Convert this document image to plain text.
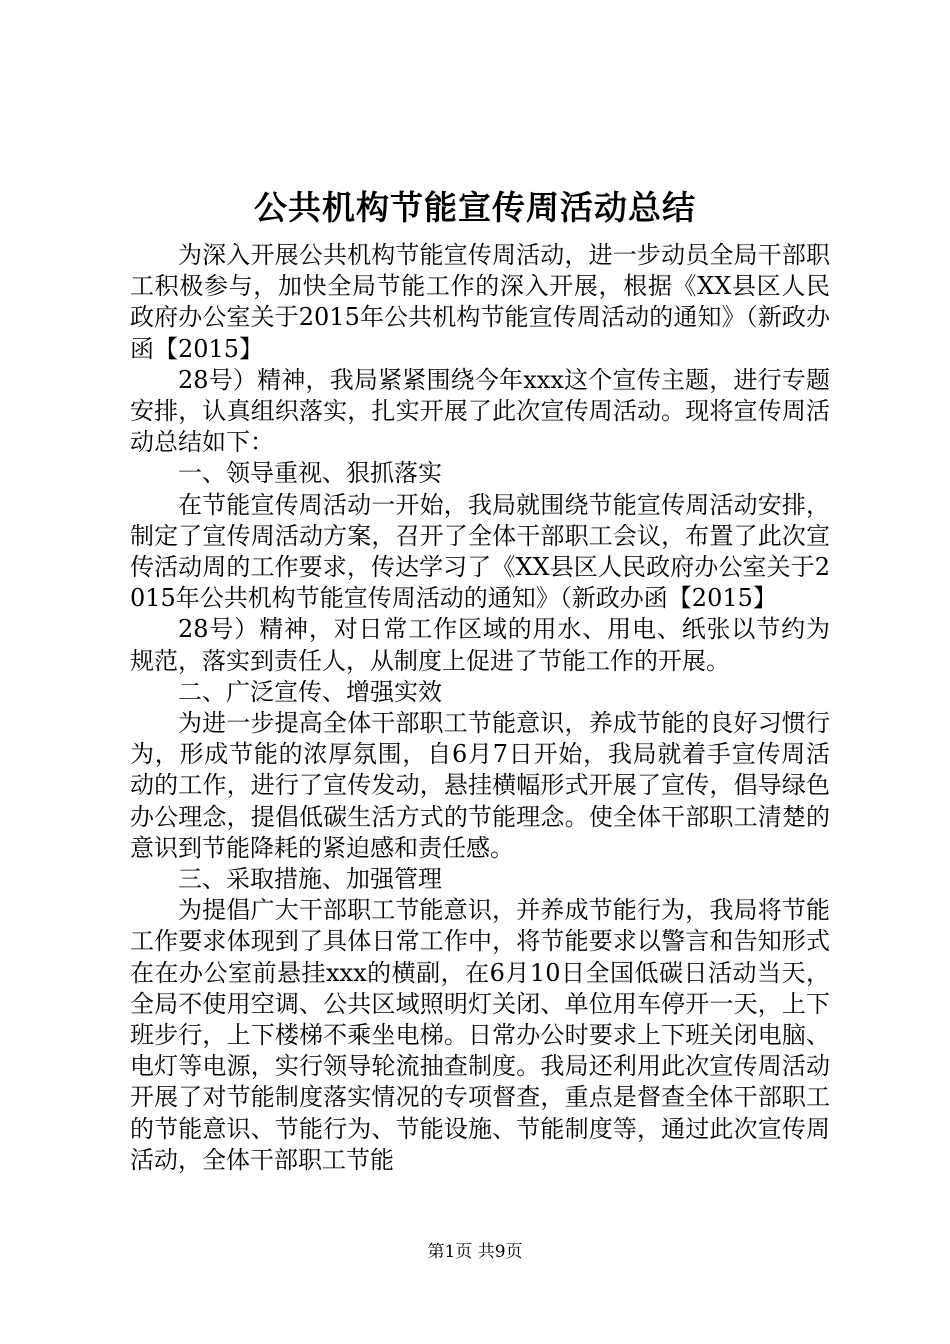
公共机构节能宣传周活动总结

为深入开展公共机构节能宣传周活动，进一步动员全局干部职工积极参与，加快全局节能工作的深入开展，根据《XX县区人民政府办公室关于2015年公共机构节能宣传周活动的通知》（新政办函【2015】

28号）精神，我局紧紧围绕今年xxx这个宣传主题，进行专题安排，认真组织落实，扎实开展了此次宣传周活动。现将宣传周活动总结如下：

一、领导重视、狠抓落实

在节能宣传周活动一开始，我局就围绕节能宣传周活动安排，制定了宣传周活动方案，召开了全体干部职工会议，布置了此次宣传活动周的工作要求，传达学习了《XX县区人民政府办公室关于2015年公共机构节能宣传周活动的通知》（新政办函【2015】

28号）精神，对日常工作区域的用水、用电、纸张以节约为规范，落实到责任人，从制度上促进了节能工作的开展。

二、广泛宣传、增强实效

为进一步提高全体干部职工节能意识，养成节能的良好习惯行为，形成节能的浓厚氛围，自6月7日开始，我局就着手宣传周活动的工作，进行了宣传发动，悬挂横幅形式开展了宣传，倡导绿色办公理念，提倡低碳生活方式的节能理念。使全体干部职工清楚的意识到节能降耗的紧迫感和责任感。

三、采取措施、加强管理

为提倡广大干部职工节能意识，并养成节能行为，我局将节能工作要求体现到了具体日常工作中，将节能要求以警言和告知形式在在办公室前悬挂xxx的横副，在6月10日全国低碳日活动当天，全局不使用空调、公共区域照明灯关闭、单位用车停开一天，上下班步行，上下楼梯不乘坐电梯。日常办公时要求上下班关闭电脑、电灯等电源，实行领导轮流抽查制度。我局还利用此次宣传周活动开展了对节能制度落实情况的专项督查，重点是督查全体干部职工的节能意识、节能行为、节能设施、节能制度等，通过此次宣传周活动，全体干部职工节能

第1页 共9页
